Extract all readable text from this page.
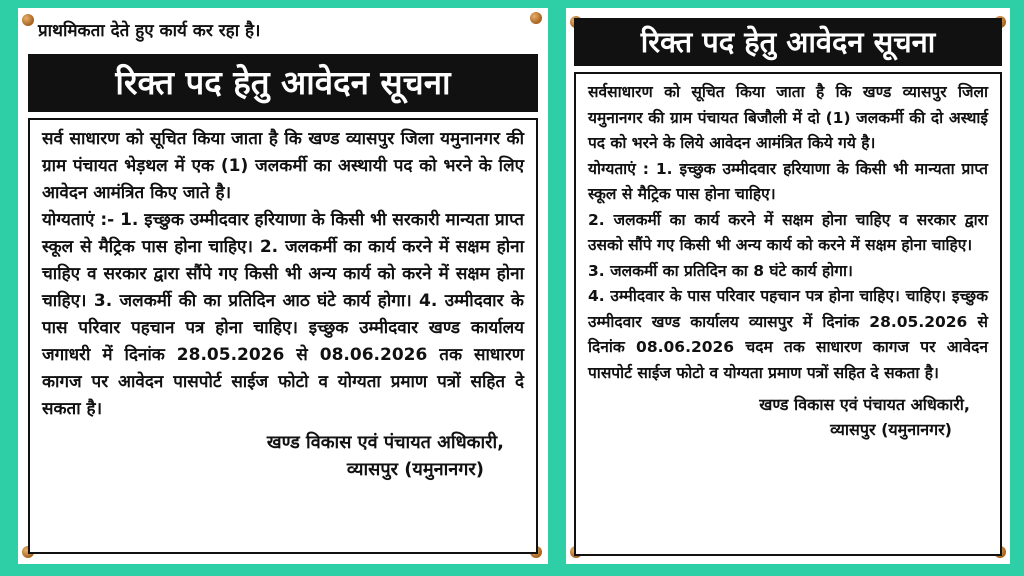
प्राथमिकता देते हुए कार्य कर रहा है।
रिक्त पद हेतु आवेदन सूचना

सर्व साधारण को सूचित किया जाता है कि खण्ड व्यासपुर जिला यमुनानगर की ग्राम पंचायत भेड़थल में एक (1) जलकर्मी का अस्थायी पद को भरने के लिए आवेदन आमंत्रित किए जाते है।

योग्यताएं :- 1. इच्छुक उम्मीदवार हरियाणा के किसी भी सरकारी मान्यता प्राप्त स्कूल से मैट्रिक पास होना चाहिए। 2. जलकर्मी का कार्य करने में सक्षम होना चाहिए व सरकार द्वारा सौंपे गए किसी भी अन्य कार्य को करने में सक्षम होना चाहिए। 3. जलकर्मी की का प्रतिदिन आठ घंटे कार्य होगा। 4. उम्मीदवार के पास परिवार पहचान पत्र होना चाहिए। इच्छुक उम्मीदवार खण्ड कार्यालय जगाधरी में दिनांक 28.05.2026 से 08.06.2026 तक साधारण कागज पर आवेदन पासपोर्ट साईज फोटो व योग्यता प्रमाण पत्रों सहित दे सकता है।

खण्ड विकास एवं पंचायत अधिकारी,

व्यासपुर (यमुनानगर)

रिक्त पद हेतु आवेदन सूचना

सर्वसाधारण को सूचित किया जाता है कि खण्ड व्यासपुर जिला यमुनानगर की ग्राम पंचायत बिजौली में दो (1) जलकर्मी की दो अस्थाई पद को भरने के लिये आवेदन आमंत्रित किये गये है।

योग्यताएं : 1. इच्छुक उम्मीदवार हरियाणा के किसी भी मान्यता प्राप्त स्कूल से मैट्रिक पास होना चाहिए।

2. जलकर्मी का कार्य करने में सक्षम होना चाहिए व सरकार द्वारा उसको सौंपे गए किसी भी अन्य कार्य को करने में सक्षम होना चाहिए।

3. जलकर्मी का प्रतिदिन का 8 घंटे कार्य होगा।

4. उम्मीदवार के पास परिवार पहचान पत्र होना चाहिए। चाहिए। इच्छुक उम्मीदवार खण्ड कार्यालय व्यासपुर में दिनांक 28.05.2026 से दिनांक 08.06.2026 चदम तक साधारण कागज पर आवेदन पासपोर्ट साईज फोटो व योग्यता प्रमाण पत्रों सहित दे सकता है।

खण्ड विकास एवं पंचायत अधिकारी,

व्यासपुर (यमुनानगर)
